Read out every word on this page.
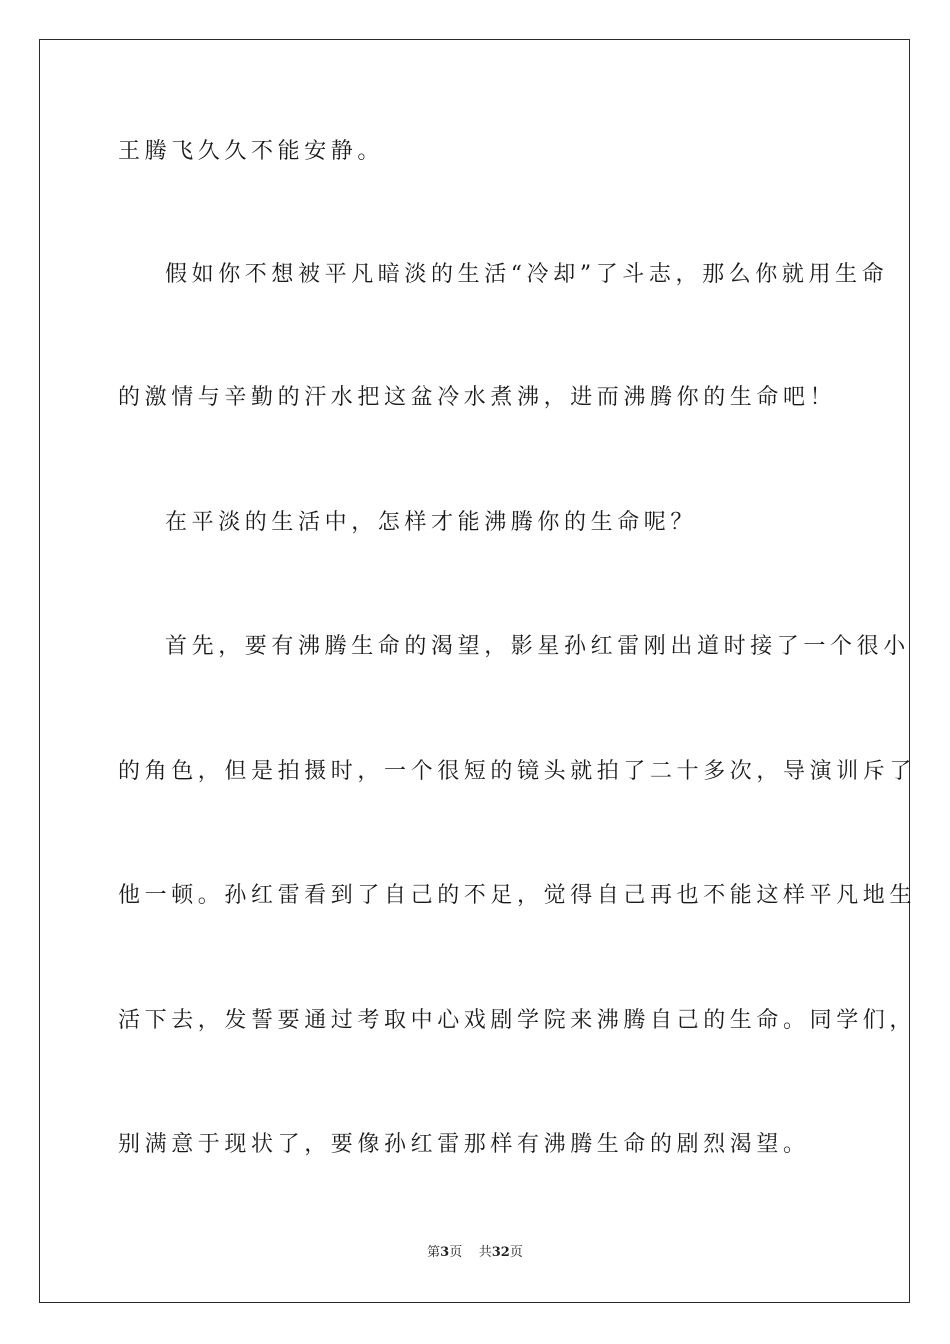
王腾飞久久不能安静。
假如你不想被平凡暗淡的生活“冷却”了斗志，那么你就用生命
的激情与辛勤的汗水把这盆冷水煮沸，进而沸腾你的生命吧！
在平淡的生活中，怎样才能沸腾你的生命呢？
首先，要有沸腾生命的渴望，影星孙红雷刚出道时接了一个很小
的角色，但是拍摄时，一个很短的镜头就拍了二十多次，导演训斥了
他一顿。孙红雷看到了自己的不足，觉得自己再也不能这样平凡地生
活下去，发誓要通过考取中心戏剧学院来沸腾自己的生命。同学们，
别满意于现状了，要像孙红雷那样有沸腾生命的剧烈渴望。
第3页 共32页
